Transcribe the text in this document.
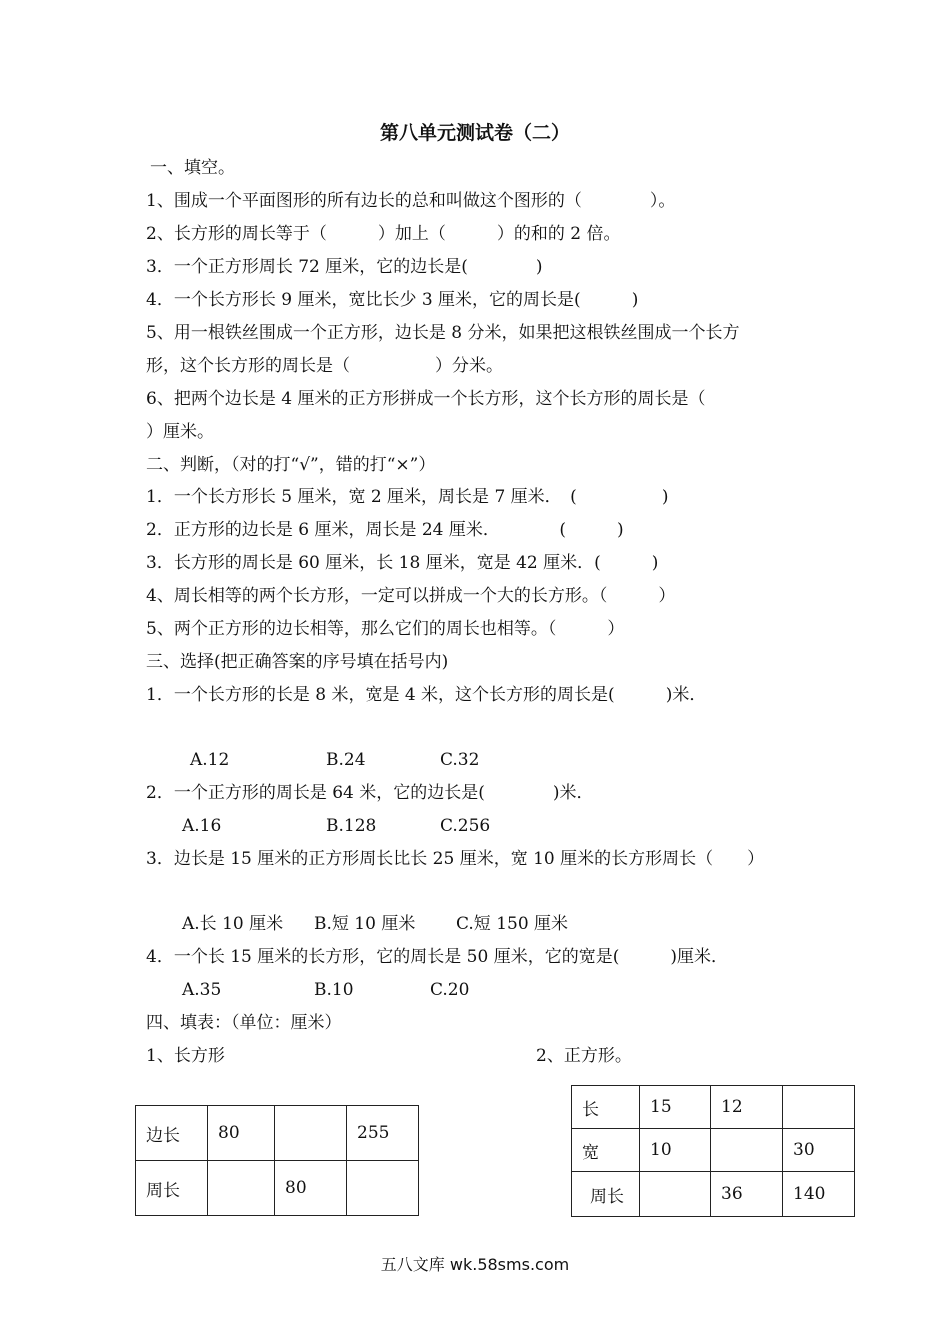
第八单元测试卷（二）
一、填空。
1、围成一个平面图形的所有边长的总和叫做这个图形的（　　　　）。
2、长方形的周长等于（　　　）加上（　　　）的和的 2 倍。
3．一个正方形周长 72 厘米，它的边长是(　　　　)
4．一个长方形长 9 厘米，宽比长少 3 厘米，它的周长是(　　　)
5、用一根铁丝围成一个正方形，边长是 8 分米，如果把这根铁丝围成一个长方
形，这个长方形的周长是（　　　　　）分米。
6、把两个边长是 4 厘米的正方形拼成一个长方形，这个长方形的周长是（
）厘米。
二、判断，（对的打“√”，错的打“×”）
1．一个长方形长 5 厘米，宽 2 厘米，周长是 7 厘米．　(　　　　　)
2．正方形的边长是 6 厘米，周长是 24 厘米．　　　　(　　　)
3．长方形的周长是 60 厘米，长 18 厘米，宽是 42 厘米．(　　　)
4、周长相等的两个长方形，一定可以拼成一个大的长方形。（　　　）
5、两个正方形的边长相等，那么它们的周长也相等。（　　　）
三、选择(把正确答案的序号填在括号内)
1．一个长方形的长是 8 米，宽是 4 米，这个长方形的周长是(　　　)米．
A.12	B.24	C.32
2．一个正方形的周长是 64 米，它的边长是(　　　　)米．
A.16	B.128	C.256
3．边长是 15 厘米的正方形周长比长 25 厘米，宽 10 厘米的长方形周长（　　）
A.长 10 厘米 B.短 10 厘米 C.短 150 厘米
4．一个长 15 厘米的长方形，它的周长是 50 厘米，它的宽是(　　　)厘米．
A.35	B.10	C.20
四、填表：（单位：厘米）
1、长方形	2、正方形。
边长	80		255
周长		80	
长	15	12	
宽	10		30
周长		36	140
五八文库 wk.58sms.com
